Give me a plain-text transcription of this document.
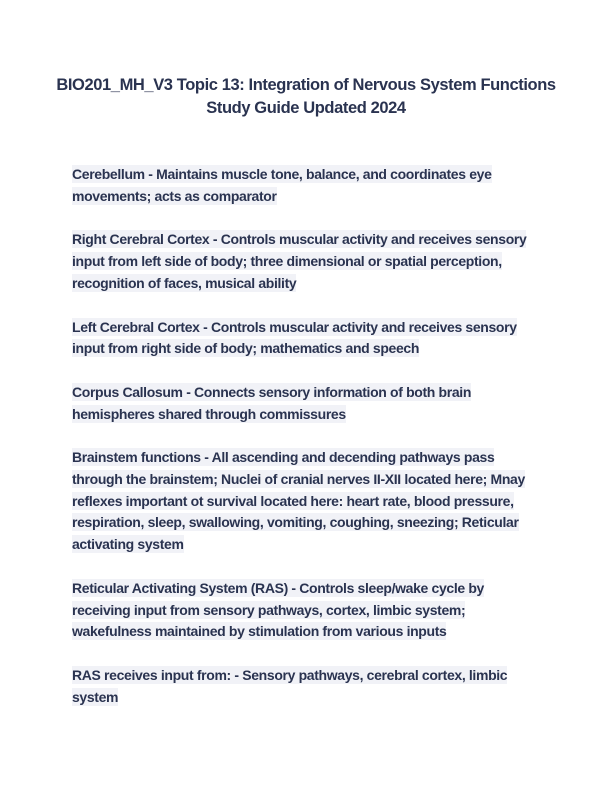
BIO201_MH_V3 Topic 13: Integration of Nervous System Functions
Study Guide Updated 2024

Cerebellum - Maintains muscle tone, balance, and coordinates eye movements; acts as comparator

Right Cerebral Cortex - Controls muscular activity and receives sensory input from left side of body; three dimensional or spatial perception, recognition of faces, musical ability

Left Cerebral Cortex - Controls muscular activity and receives sensory input from right side of body; mathematics and speech

Corpus Callosum - Connects sensory information of both brain hemispheres shared through commissures

Brainstem functions - All ascending and decending pathways pass through the brainstem; Nuclei of cranial nerves II-XII located here; Mnay reflexes important ot survival located here: heart rate, blood pressure, respiration, sleep, swallowing, vomiting, coughing, sneezing; Reticular activating system

Reticular Activating System (RAS) - Controls sleep/wake cycle by receiving input from sensory pathways, cortex, limbic system; wakefulness maintained by stimulation from various inputs

RAS receives input from: - Sensory pathways, cerebral cortex, limbic system
